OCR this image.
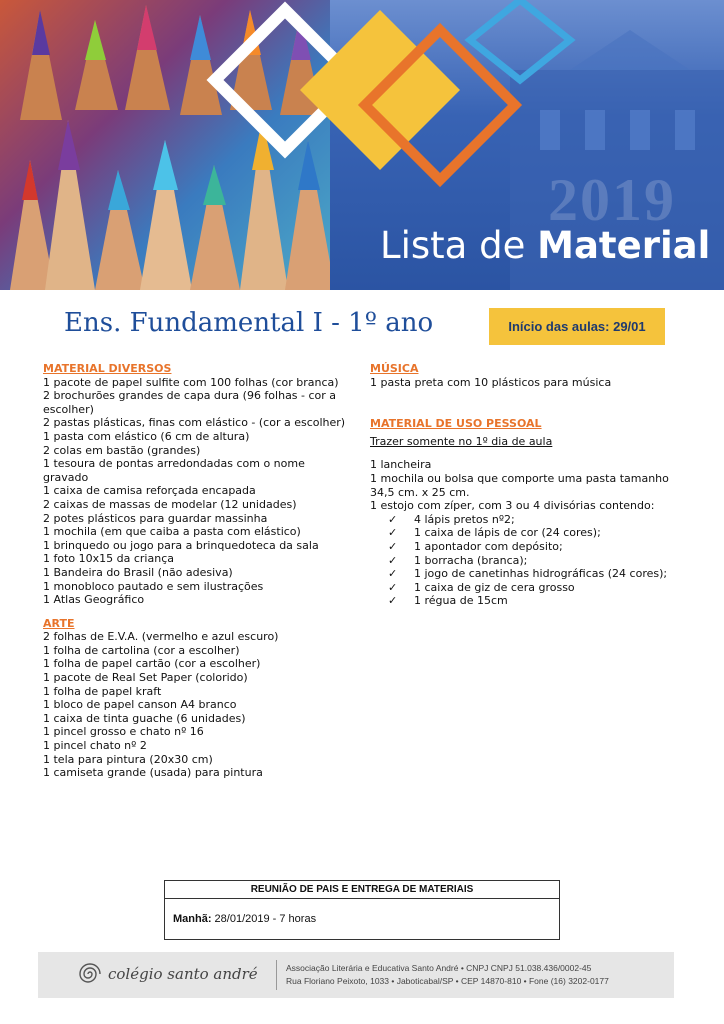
2019
Lista de Material
Ens. Fundamental I - 1º ano	Início das aulas: 29/01
MATERIAL DIVERSOS
1 pacote de papel sulfite com 100 folhas (cor branca)
2 brochurões grandes de capa dura (96 folhas - cor a escolher)
2 pastas plásticas, finas com elástico - (cor a escolher)
1 pasta com elástico (6 cm de altura)
2 colas em bastão (grandes)
1 tesoura de pontas arredondadas com o nome gravado
1 caixa de camisa reforçada encapada
2 caixas de massas de modelar (12 unidades)
2 potes plásticos para guardar massinha
1 mochila (em que caiba a pasta com elástico)
1 brinquedo ou jogo para a brinquedoteca da sala
1 foto 10x15 da criança
1 Bandeira do Brasil (não adesiva)
1 monobloco pautado e sem ilustrações
1 Atlas Geográfico
ARTE
2 folhas de E.V.A. (vermelho e azul escuro)
1 folha de cartolina (cor a escolher)
1 folha de papel cartão (cor a escolher)
1 pacote de Real Set Paper (colorido)
1 folha de papel kraft
1 bloco de papel canson A4 branco
1 caixa de tinta guache (6 unidades)
1 pincel grosso e chato nº 16
1 pincel chato nº 2
1 tela para pintura (20x30 cm)
1 camiseta grande (usada) para pintura
MÚSICA
1 pasta preta com 10 plásticos para música
MATERIAL DE USO PESSOAL
Trazer somente no 1º dia de aula
1 lancheira
1 mochila ou bolsa que comporte uma pasta tamanho 34,5 cm. x 25 cm.
1 estojo com zíper, com 3 ou 4 divisórias contendo:
✓ 4 lápis pretos nº2;
✓ 1 caixa de lápis de cor (24 cores);
✓ 1 apontador com depósito;
✓ 1 borracha (branca);
✓ 1 jogo de canetinhas hidrográficas (24 cores);
✓ 1 caixa de giz de cera grosso
✓ 1 régua de 15cm
REUNIÃO DE PAIS E ENTREGA DE MATERIAIS
Manhã: 28/01/2019 - 7 horas
colégio santo andré	Associação Literária e Educativa Santo André • CNPJ CNPJ 51.038.436/0002-45
Rua Floriano Peixoto, 1033 • Jaboticabal/SP • CEP 14870-810 • Fone (16) 3202-0177
